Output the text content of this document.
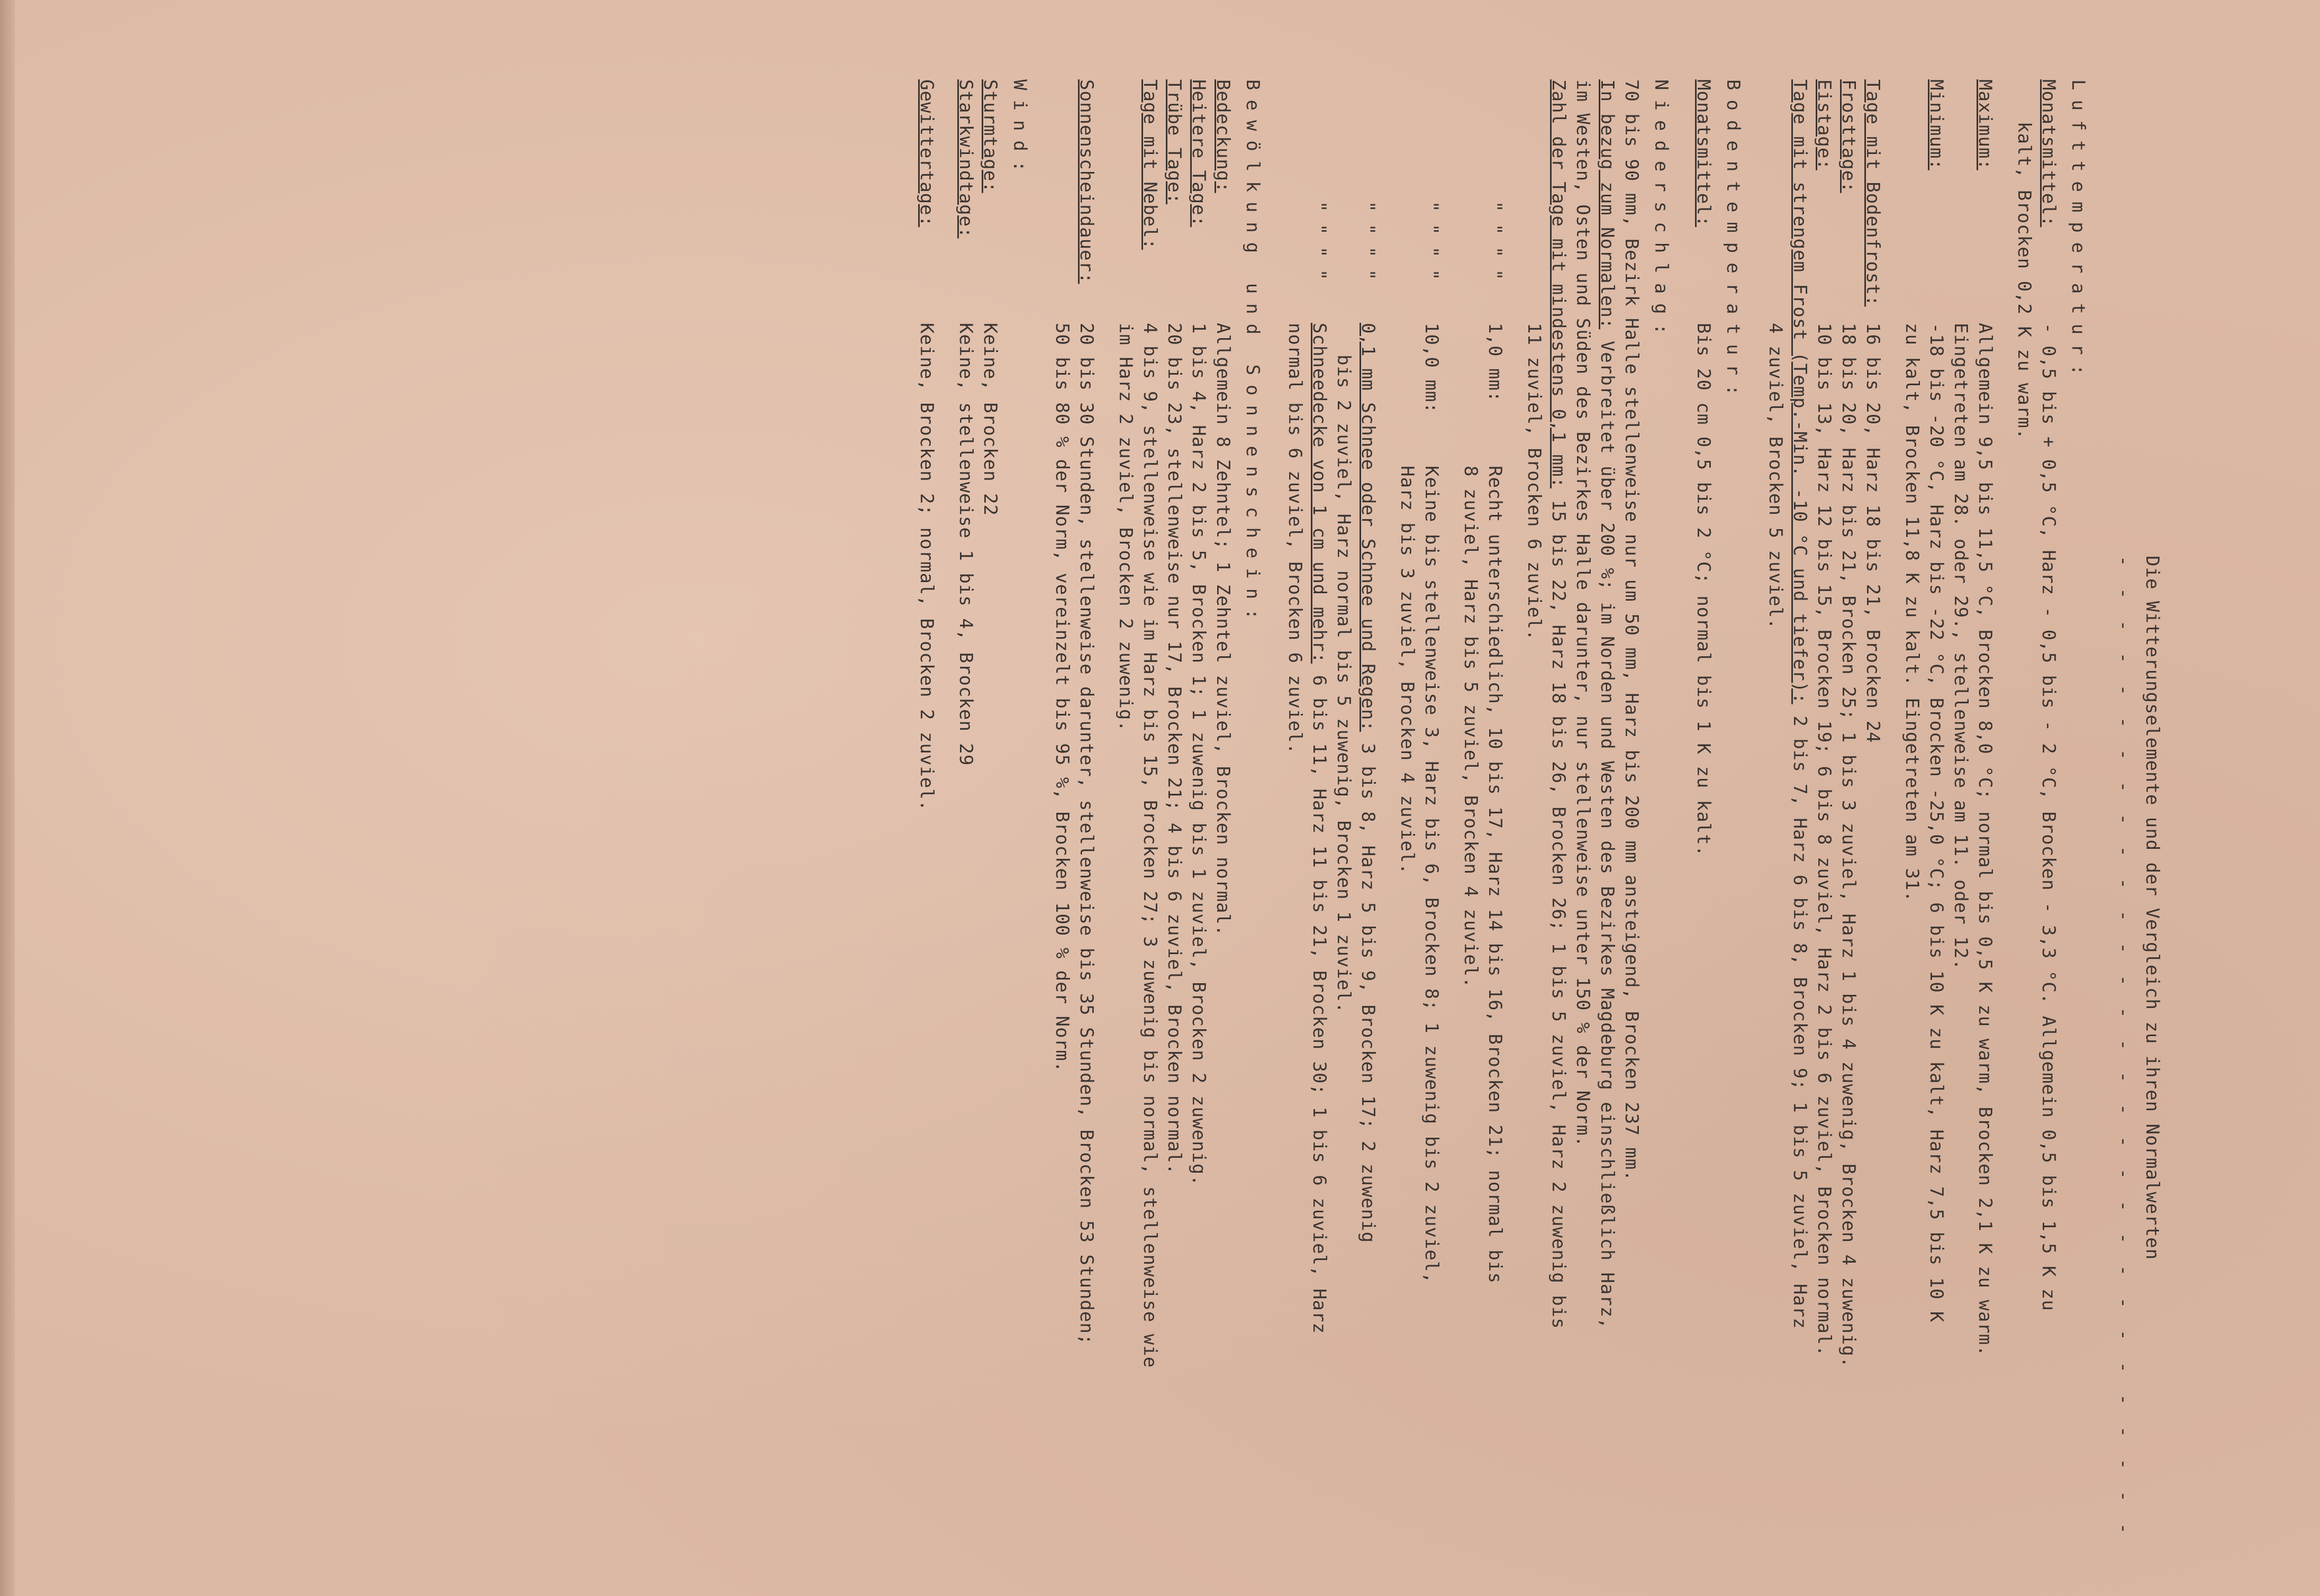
Die Witterungselemente und der Vergleich zu ihren Normalwerten
- - - - - - - - - - - - - - - - - - - - - - - - - - - - - - -
Lufttemperatur:
Monatsmittel:
- 0,5 bis + 0,5 °C, Harz - 0,5 bis - 2 °C, Brocken - 3,3 °C. Allgemein 0,5 bis 1,5 K zu
kalt, Brocken 0,2 K zu warm.
Maximum:
Allgemein 9,5 bis 11,5 °C, Brocken 8,0 °C; normal bis 0,5 K zu warm, Brocken 2,1 K zu warm.
Eingetreten am 28. oder 29., stellenweise am 11. oder 12.
Minimum:
-18 bis -20 °C, Harz bis -22 °C, Brocken -25,0 °C; 6 bis 10 K zu kalt, Harz 7,5 bis 10 K
zu kalt, Brocken 11,8 K zu kalt. Eingetreten am 31.
Tage mit Bodenfrost:
16 bis 20, Harz 18 bis 21, Brocken 24
Frosttage:
18 bis 20, Harz bis 21, Brocken 25; 1 bis 3 zuviel, Harz 1 bis 4 zuwenig, Brocken 4 zuwenig.
Eistage:
10 bis 13, Harz 12 bis 15, Brocken 19; 6 bis 8 zuviel, Harz 2 bis 6 zuviel, Brocken normal.
Tage mit strengem Frost (Temp.-Min. -10 °C und tiefer): 2 bis 7, Harz 6 bis 8, Brocken 9; 1 bis 5 zuviel, Harz
4 zuviel, Brocken 5 zuviel.
Bodentemperatur:
Monatsmittel:
Bis 20 cm 0,5 bis 2 °C; normal bis 1 K zu kalt.
Niederschlag:
70 bis 90 mm, Bezirk Halle stellenweise nur um 50 mm, Harz bis 200 mm ansteigend, Brocken 237 mm.
In bezug zum Normalen: Verbreitet über 200 %; im Norden und Westen des Bezirkes Magdeburg einschließlich Harz,
im Westen, Osten und Süden des Bezirkes Halle darunter, nur stellenweise unter 150 % der Norm.
Zahl der Tage mit mindestens 0,1 mm: 15 bis 22, Harz 18 bis 26, Brocken 26; 1 bis 5 zuviel, Harz 2 zuwenig bis
11 zuviel, Brocken 6 zuviel.
" " " "
1,0 mm:
Recht unterschiedlich, 10 bis 17, Harz 14 bis 16, Brocken 21; normal bis
8 zuviel, Harz bis 5 zuviel, Brocken 4 zuviel.
" " " "
10,0 mm:
Keine bis stellenweise 3, Harz bis 6, Brocken 8; 1 zuwenig bis 2 zuviel,
Harz bis 3 zuviel, Brocken 4 zuviel.
" " " "
0,1 mm Schnee oder Schnee und Regen: 3 bis 8, Harz 5 bis 9, Brocken 17; 2 zuwenig
bis 2 zuviel, Harz normal bis 5 zuwenig, Brocken 1 zuviel.
" " " "
Schneedecke von 1 cm und mehr: 6 bis 11, Harz 11 bis 21, Brocken 30; 1 bis 6 zuviel, Harz
normal bis 6 zuviel, Brocken 6 zuviel.
Bewölkung und Sonnenschein:
Bedeckung:
Allgemein 8 Zehntel; 1 Zehntel zuviel, Brocken normal.
Heitere Tage:
1 bis 4, Harz 2 bis 5, Brocken 1; 1 zuwenig bis 1 zuviel, Brocken 2 zuwenig.
Trübe Tage:
20 bis 23, stellenweise nur 17, Brocken 21; 4 bis 6 zuviel, Brocken normal.
Tage mit Nebel:
4 bis 9, stellenweise wie im Harz bis 15, Brocken 27; 3 zuwenig bis normal, stellenweise wie
im Harz 2 zuviel, Brocken 2 zuwenig.
Sonnenscheindauer:
20 bis 30 Stunden, stellenweise darunter, stellenweise bis 35 Stunden, Brocken 53 Stunden;
50 bis 80 % der Norm, vereinzelt bis 95 %, Brocken 100 % der Norm.
Wind:
Sturmtage:
Keine, Brocken 22
Starkwindtage:
Keine, stellenweise 1 bis 4, Brocken 29
Gewittertage:
Keine, Brocken 2; normal, Brocken 2 zuviel.
